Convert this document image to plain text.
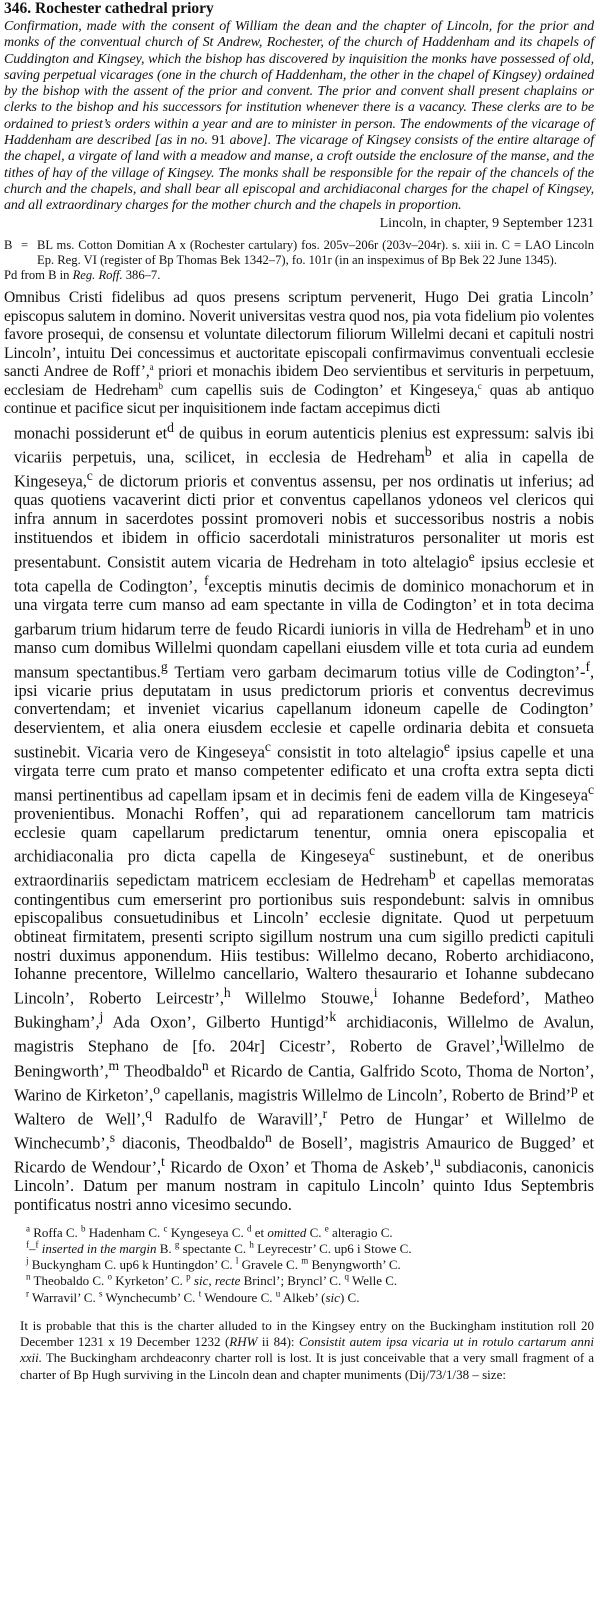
346. Rochester cathedral priory

Confirmation, made with the consent of William the dean and the chapter of Lincoln, for the prior and monks of the conventual church of St Andrew, Rochester, of the church of Haddenham and its chapels of Cuddington and Kingsey, which the bishop has discovered by inquisition the monks have possessed of old, saving perpetual vicarages (one in the church of Haddenham, the other in the chapel of Kingsey) ordained by the bishop with the assent of the prior and convent. The prior and convent shall present chaplains or clerks to the bishop and his successors for institution whenever there is a vacancy. These clerks are to be ordained to priest’s orders within a year and are to minister in person. The endowments of the vicarage of Haddenham are described [as in no. 91 above]. The vicarage of Kingsey consists of the entire altarage of the chapel, a virgate of land with a meadow and manse, a croft outside the enclosure of the manse, and the tithes of hay of the village of Kingsey. The monks shall be responsible for the repair of the chancels of the church and the chapels, and shall bear all episcopal and archidiaconal charges for the chapel of Kingsey, and all extraordinary charges for the mother church and the chapels in proportion.

Lincoln, in chapter, 9 September 1231

B = BL ms. Cotton Domitian A x (Rochester cartulary) fos. 205v–206r (203v–204r). s. xiii in. C = LAO Lincoln Ep. Reg. VI (register of Bp Thomas Bek 1342–7), fo. 101r (in an inspeximus of Bp Bek 22 June 1345).
Pd from B in Reg. Roff. 386–7.

Omnibus Cristi fidelibus ad quos presens scriptum pervenerit, Hugo Dei gratia Lincoln’ episcopus salutem in domino. Noverit universitas vestra quod nos, pia vota fidelium pio volentes favore prosequi, de consensu et voluntate dilectorum filiorum Willelmi decani et capituli nostri Lincoln’, intuitu Dei concessimus et auctoritate episcopali confirmavimus conventuali ecclesie sancti Andree de Roff’,$^a$ priori et monachis ibidem Deo servientibus et servituris in perpetuum, ecclesiam de Hedreham$^b$ cum capellis suis de Codington’ et Kingeseya,$^c$ quas ab antiquo continue et pacifice sicut per inquisitionem inde factam accepimus dicti

monachi possiderunt $et^d$ de quibus in eorum autenticis plenius est expressum: salvis ibi vicariis perpetuis, una, scilicet, in ecclesia de Hedreham$^b$ et alia in capella de Kingeseya,$^c$ de dictorum prioris et conventus assensu, per nos ordinatis ut inferius; ad quas quotiens vacaverint dicti prior et conventus capellanos ydoneos vel clericos qui infra annum in sacerdotes possint promoveri nobis et successoribus nostris a nobis instituendos et ibidem in officio sacerdotali ministraturos personaliter ut moris est presentabunt. Consistit autem vicaria de Hedreham in toto altelagio$^e$ ipsius ecclesie et tota capella de Codington’, $^f$exceptis minutis decimis de dominico monachorum et in una virgata terre cum manso ad eam spectante in villa de Codington’ et in tota decima garbarum trium hidarum terre de feudo Ricardi iunioris in villa de Hedreham$^b$ et in uno manso cum domibus Willelmi quondam capellani eiusdem ville et tota curia ad eundem mansum spectantibus.$^g$ Tertiam vero garbam decimarum totius ville de Codington’-$^f$, ipsi vicarie prius deputatam in usus predictorum prioris et conventus decrevimus convertendam; et inveniet vicarius capellanum idoneum capelle de Codington’ deservientem, et alia onera eiusdem ecclesie et capelle ordinaria debita et consueta sustinebit. Vicaria vero de Kingeseya$^c$ consistit in toto altelagio$^e$ ipsius capelle et una virgata terre cum prato et manso competenter edificato et una crofta extra septa dicti mansi pertinentibus ad capellam ipsam et in decimis feni de eadem villa de Kingeseya$^c$ provenientibus. Monachi Roffen’, qui ad reparationem cancellorum tam matricis ecclesie quam capellarum predictarum tenentur, omnia onera episcopalia et archidiaconalia pro dicta capella de Kingeseya$^c$ sustinebunt, et de oneribus extraordinariis sepedictam matricem ecclesiam de Hedreham$^b$ et capellas memoratas contingentibus cum emerserint pro portionibus suis respondebunt: salvis in omnibus episcopalibus consuetudinibus et Lincoln’ ecclesie dignitate. Quod ut perpetuum obtineat firmitatem, presenti scripto sigillum nostrum una cum sigillo predicti capituli nostri duximus apponendum. Hiis testibus: Willelmo decano, Roberto archidiacono, Iohanne precentore, Willelmo cancellario, Waltero thesaurario et Iohanne subdecano Lincoln’, Roberto Leircestr’,$^h$ Willelmo Stouwe,$^i$ Iohanne Bedeford’, Matheo Bukingham’,$^j$ Ada Oxon’, Gilberto Huntigd’$^k$ archidiaconis, Willelmo de Avalun, magistris Stephano de [fo. 204r] Cicestr’, Roberto de Gravel’,$^l$Willelmo de Beningworth’,$^m$ Theodbaldo$^n$ et Ricardo de Cantia, Galfrido Scoto, Thoma de Norton’, Warino de Kirketon’,$^o$ capellanis, magistris Willelmo de Lincoln’, Roberto de Brind’$^p$ et Waltero de Well’,$^q$ Radulfo de Waravill’,$^r$ Petro de Hungar’ et Willelmo de Winchecumb’,$^s$ diaconis, Theodbaldo$^n$ de Bosell’, magistris Amaurico de Bugged’ et Ricardo de Wendour’,$^t$ Ricardo de Oxon’ et Thoma de Askeb’,$^u$ subdiaconis, canonicis Lincoln’. Datum per manum nostram in capitulo Lincoln’ quinto Idus Septembris pontificatus nostri anno vicesimo secundo.

$^a$ Roffa C. $^b$ Hadenham C. $^c$ Kyngeseya C. $^d$ et omitted C. $^e$ alteragio C.
$^f$–$^f$ inserted in the margin B. $^g$ spectante C. $^h$ Leyrecestr’ C. up6 i Stowe C.
$^j$ Buckyngham C. up6 k Huntingdon’ C. $^l$ Gravele C. $^m$ Benyngworth’ C.
$^n$ Theobaldo C. $^o$ Kyrketon’ C. $^p$ sic, recte Brincl’; Bryncl’ C. $^q$ Welle C.
$^r$ Warravil’ C. $^s$ Wynchecumb’ C. $^t$ Wendoure C. $^u$ Alkeb’ (sic) C.

It is probable that this is the charter alluded to in the Kingsey entry on the Buckingham institution roll 20 December 1231 x 19 December 1232 (RHW ii 84): Consistit autem ipsa vicaria ut in rotulo cartarum anni xxii. The Buckingham archdeaconry charter roll is lost. It is just conceivable that a very small fragment of a charter of Bp Hugh surviving in the Lincoln dean and chapter muniments (Dij/73/1/38 – size:
